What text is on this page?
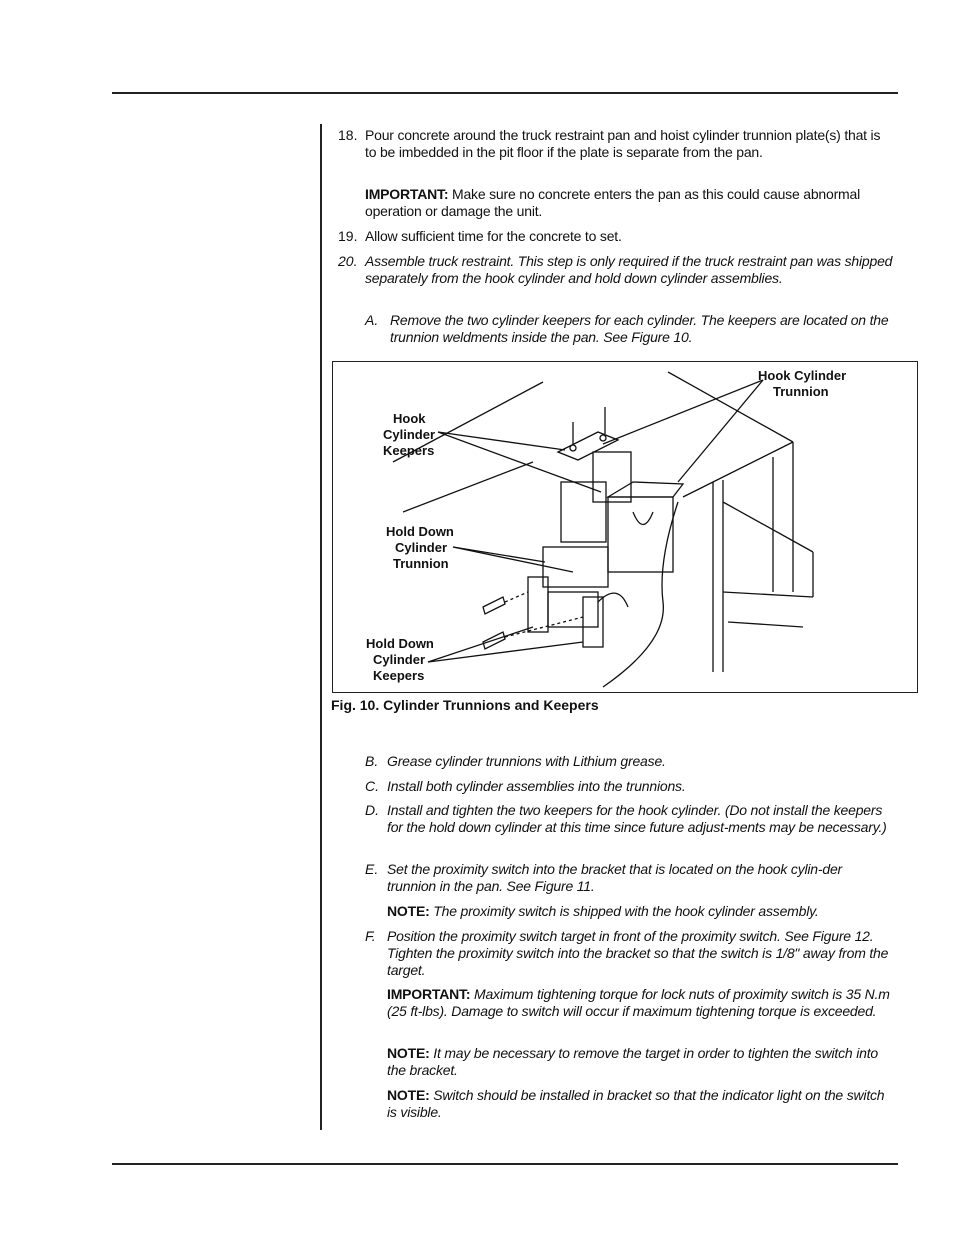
18. Pour concrete around the truck restraint pan and hoist cylinder trunnion plate(s) that is to be imbedded in the pit floor if the plate is separate from the pan.
IMPORTANT: Make sure no concrete enters the pan as this could cause abnormal operation or damage the unit.
19. Allow sufficient time for the concrete to set.
20. Assemble truck restraint. This step is only required if the truck restraint pan was shipped separately from the hook cylinder and hold down cylinder assemblies.
A. Remove the two cylinder keepers for each cylinder. The keepers are located on the trunnion weldments inside the pan. See Figure 10.
Hook Cylinder
Trunnion
Hook
Cylinder
Keepers
Hold Down
Cylinder
Trunnion
Hold Down
Cylinder
Keepers
Fig. 10. Cylinder Trunnions and Keepers
B. Grease cylinder trunnions with Lithium grease.
C. Install both cylinder assemblies into the trunnions.
D. Install and tighten the two keepers for the hook cylinder. (Do not install the keepers for the hold down cylinder at this time since future adjust-ments may be necessary.)
E. Set the proximity switch into the bracket that is located on the hook cylin-der trunnion in the pan. See Figure 11.
NOTE: The proximity switch is shipped with the hook cylinder assembly.
F. Position the proximity switch target in front of the proximity switch. See Figure 12. Tighten the proximity switch into the bracket so that the switch is 1/8" away from the target.
IMPORTANT: Maximum tightening torque for lock nuts of proximity switch is 35 N.m (25 ft-lbs). Damage to switch will occur if maximum tightening torque is exceeded.
NOTE: It may be necessary to remove the target in order to tighten the switch into the bracket.
NOTE: Switch should be installed in bracket so that the indicator light on the switch is visible.
